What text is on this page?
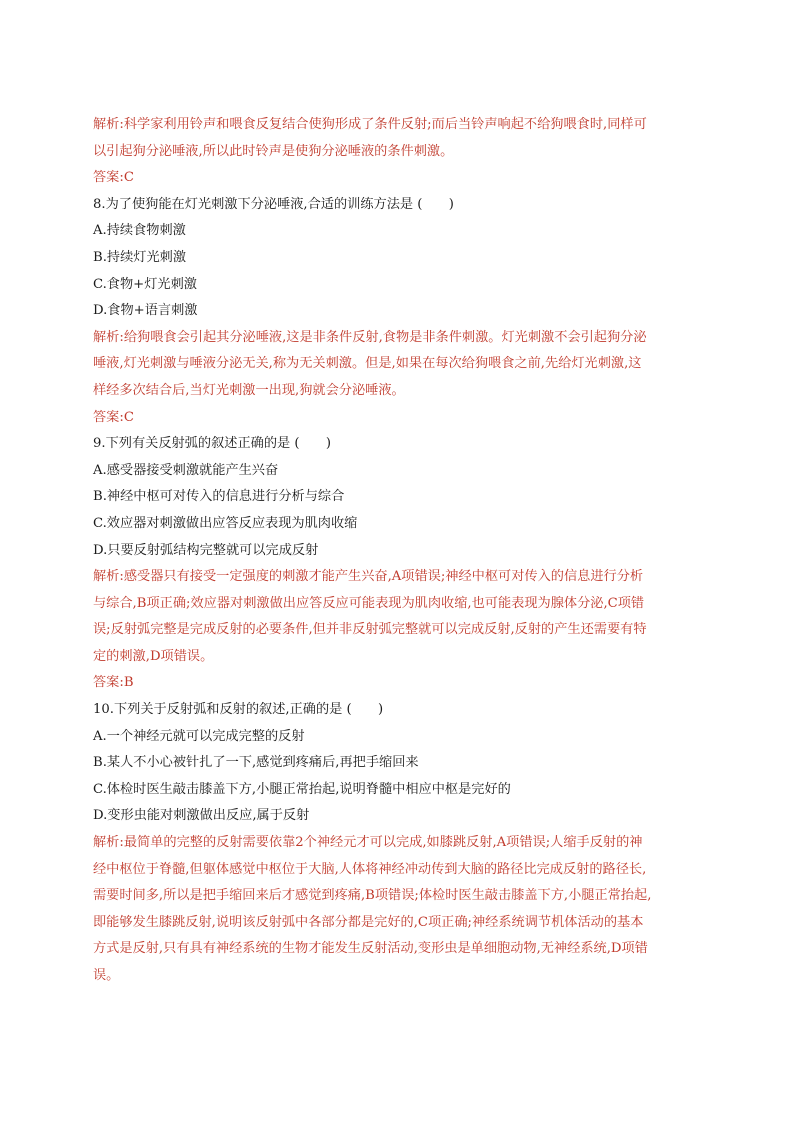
解析:科学家利用铃声和喂食反复结合使狗形成了条件反射;而后当铃声响起不给狗喂食时,同样可

以引起狗分泌唾液,所以此时铃声是使狗分泌唾液的条件刺激。

答案:C

8.为了使狗能在灯光刺激下分泌唾液,合适的训练方法是 (　　)

A.持续食物刺激

B.持续灯光刺激

C.食物+灯光刺激

D.食物+语言刺激

解析:给狗喂食会引起其分泌唾液,这是非条件反射,食物是非条件刺激。灯光刺激不会引起狗分泌

唾液,灯光刺激与唾液分泌无关,称为无关刺激。但是,如果在每次给狗喂食之前,先给灯光刺激,这

样经多次结合后,当灯光刺激一出现,狗就会分泌唾液。

答案:C

9.下列有关反射弧的叙述正确的是 (　　)

A.感受器接受刺激就能产生兴奋

B.神经中枢可对传入的信息进行分析与综合

C.效应器对刺激做出应答反应表现为肌肉收缩

D.只要反射弧结构完整就可以完成反射

解析:感受器只有接受一定强度的刺激才能产生兴奋,A项错误;神经中枢可对传入的信息进行分析

与综合,B项正确;效应器对刺激做出应答反应可能表现为肌肉收缩,也可能表现为腺体分泌,C项错

误;反射弧完整是完成反射的必要条件,但并非反射弧完整就可以完成反射,反射的产生还需要有特

定的刺激,D项错误。

答案:B

10.下列关于反射弧和反射的叙述,正确的是 (　　)

A.一个神经元就可以完成完整的反射

B.某人不小心被针扎了一下,感觉到疼痛后,再把手缩回来

C.体检时医生敲击膝盖下方,小腿正常抬起,说明脊髓中相应中枢是完好的

D.变形虫能对刺激做出反应,属于反射

解析:最简单的完整的反射需要依靠2个神经元才可以完成,如膝跳反射,A项错误;人缩手反射的神

经中枢位于脊髓,但躯体感觉中枢位于大脑,人体将神经冲动传到大脑的路径比完成反射的路径长,

需要时间多,所以是把手缩回来后才感觉到疼痛,B项错误;体检时医生敲击膝盖下方,小腿正常抬起,

即能够发生膝跳反射,说明该反射弧中各部分都是完好的,C项正确;神经系统调节机体活动的基本

方式是反射,只有具有神经系统的生物才能发生反射活动,变形虫是单细胞动物,无神经系统,D项错

误。
